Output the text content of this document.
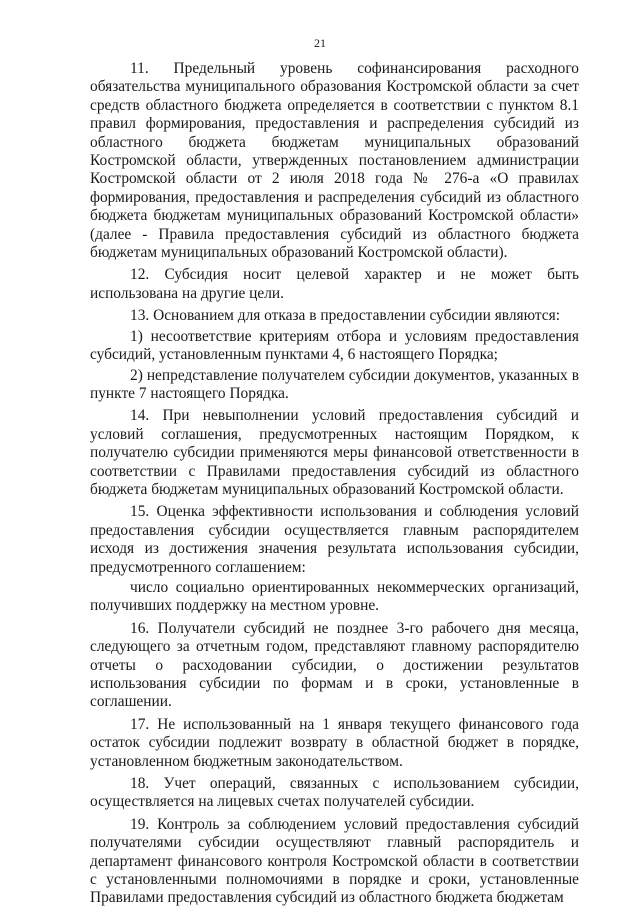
21

11. Предельный уровень софинансирования расходного обязательства муниципального образования Костромской области за счет средств областного бюджета определяется в соответствии с пунктом 8.1 правил формирования, предоставления и распределения субсидий из областного бюджета бюджетам муниципальных образований Костромской области, утвержденных постановлением администрации Костромской области от 2 июля 2018 года № 276-а «О правилах формирования, предоставления и распределения субсидий из областного бюджета бюджетам муниципальных образований Костромской области» (далее - Правила предоставления субсидий из областного бюджета бюджетам муниципальных образований Костромской области).

12. Субсидия носит целевой характер и не может быть использована на другие цели.

13. Основанием для отказа в предоставлении субсидии являются:

1) несоответствие критериям отбора и условиям предоставления субсидий, установленным пунктами 4, 6 настоящего Порядка;

2) непредставление получателем субсидии документов, указанных в пункте 7 настоящего Порядка.

14. При невыполнении условий предоставления субсидий и условий соглашения, предусмотренных настоящим Порядком, к получателю субсидии применяются меры финансовой ответственности в соответствии с Правилами предоставления субсидий из областного бюджета бюджетам муниципальных образований Костромской области.

15. Оценка эффективности использования и соблюдения условий предоставления субсидии осуществляется главным распорядителем исходя из достижения значения результата использования субсидии, предусмотренного соглашением:

число социально ориентированных некоммерческих организаций, получивших поддержку на местном уровне.

16. Получатели субсидий не позднее 3-го рабочего дня месяца, следующего за отчетным годом, представляют главному распорядителю отчеты о расходовании субсидии, о достижении результатов использования субсидии по формам и в сроки, установленные в соглашении.

17. Не использованный на 1 января текущего финансового года остаток субсидии подлежит возврату в областной бюджет в порядке, установленном бюджетным законодательством.

18. Учет операций, связанных с использованием субсидии, осуществляется на лицевых счетах получателей субсидии.

19. Контроль за соблюдением условий предоставления субсидий получателями субсидии осуществляют главный распорядитель и департамент финансового контроля Костромской области в соответствии с установленными полномочиями в порядке и сроки, установленные Правилами предоставления субсидий из областного бюджета бюджетам
